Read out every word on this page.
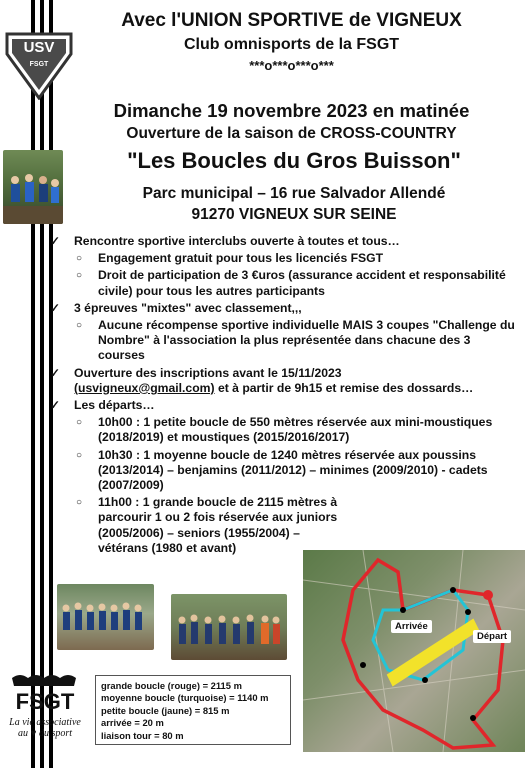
USV
FSGT
Avec l'UNION SPORTIVE de VIGNEUX
Club omnisports de la FSGT
***o***o***o***
Dimanche 19 novembre 2023 en matinée
Ouverture de la saison de CROSS-COUNTRY
"Les Boucles du Gros Buisson"
Parc municipal – 16 rue Salvador Allendé
91270 VIGNEUX SUR SEINE
✓ Rencontre sportive interclubs ouverte à toutes et tous…
○ Engagement gratuit pour tous les licenciés FSGT
○ Droit de participation de 3 €uros (assurance accident et responsabilité civile) pour tous les autres participants
✓ 3 épreuves "mixtes" avec classement,,,
○ Aucune récompense sportive individuelle MAIS 3 coupes "Challenge du Nombre" à l'association la plus représentée dans chacune des 3 courses
✓ Ouverture des inscriptions avant le 15/11/2023
(usvigneux@gmail.com) et à partir de 9h15 et remise des dossards…
✓ Les départs…
○ 10h00 : 1 petite boucle de 550 mètres réservée aux mini-moustiques (2018/2019) et moustiques (2015/2016/2017)
○ 10h30 : 1 moyenne boucle de 1240 mètres réservée aux poussins (2013/2014) – benjamins (2011/2012) – minimes (2009/2010) - cadets (2007/2009)
○ 11h00 : 1 grande boucle de 2115 mètres à parcourir 1 ou 2 fois réservée aux juniors (2005/2006) – seniors (1955/2004) – vétérans (1980 et avant)
Arrivée
Départ
FSGT
La vie associative
au ♥ du sport
grande boucle (rouge) = 2115 m
moyenne boucle (turquoise) = 1140 m
petite boucle (jaune) = 815 m
arrivée = 20 m
liaison tour = 80 m
